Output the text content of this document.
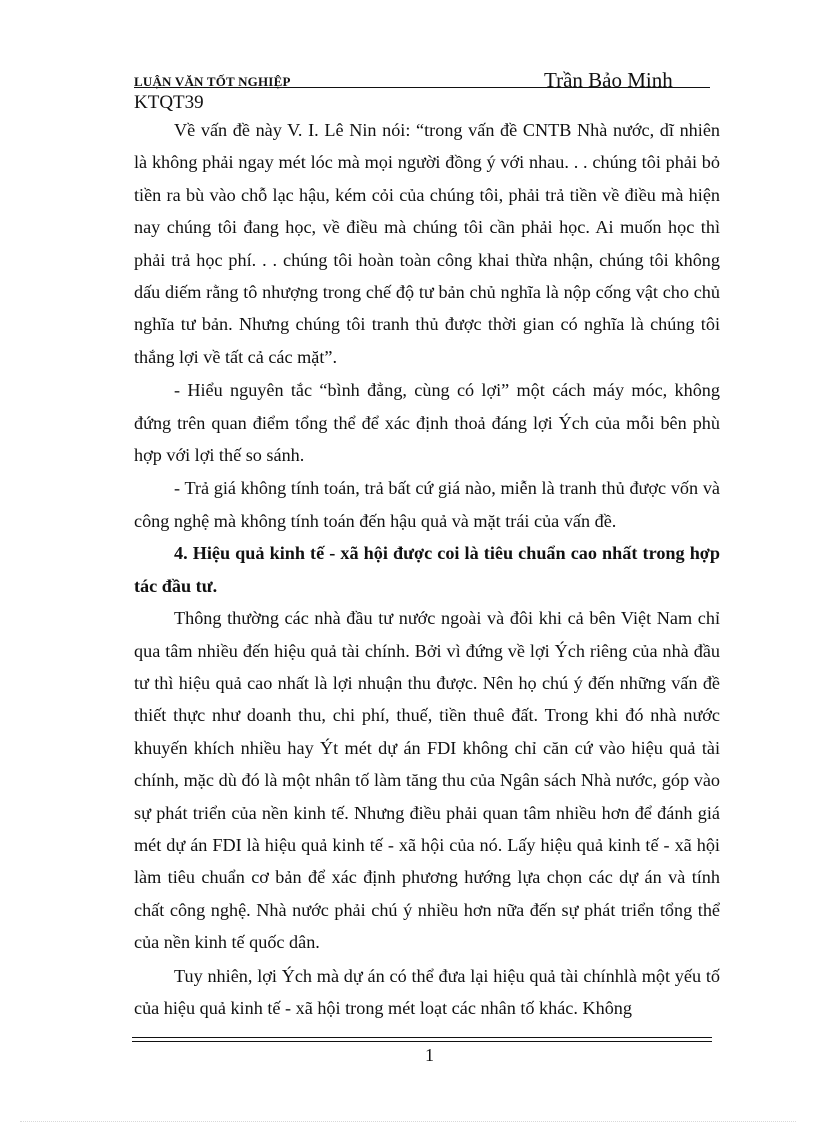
LUẬN VĂN TỐT NGHIỆP	Trần Bảo Minh
KTQT39

Về vấn đề này V. I. Lê Nin nói: “trong vấn đề CNTB Nhà nước, dĩ nhiên là không phải ngay mét lóc mà mọi người đồng ý với nhau. . . chúng tôi phải bỏ tiền ra bù vào chỗ lạc hậu, kém cỏi của chúng tôi, phải trả tiền về điều mà hiện nay chúng tôi đang học, về điều mà chúng tôi cần phải học. Ai muốn học thì phải trả học phí. . . chúng tôi hoàn toàn công khai thừa nhận, chúng tôi không dấu diếm rằng tô nhượng trong chế độ tư bản chủ nghĩa là nộp cống vật cho chủ nghĩa tư bản. Nhưng chúng tôi tranh thủ được thời gian có nghĩa là chúng tôi thắng lợi về tất cả các mặt”.

- Hiểu nguyên tắc “bình đẳng, cùng có lợi” một cách máy móc, không đứng trên quan điểm tổng thể để xác định thoả đáng lợi Ých của mỗi bên phù hợp với lợi thế so sánh.

- Trả giá không tính toán, trả bất cứ giá nào, miễn là tranh thủ được vốn và công nghệ mà không tính toán đến hậu quả và mặt trái của vấn đề.

4. Hiệu quả kinh tế - xã hội được coi là tiêu chuẩn cao nhất trong hợp tác đầu tư.

Thông thường các nhà đầu tư nước ngoài và đôi khi cả bên Việt Nam chỉ qua tâm nhiều đến hiệu quả tài chính. Bởi vì đứng về lợi Ých riêng của nhà đầu tư thì hiệu quả cao nhất là lợi nhuận thu được. Nên họ chú ý đến những vấn đề thiết thực như doanh thu, chi phí, thuế, tiền thuê đất. Trong khi đó nhà nước khuyến khích nhiều hay Ýt mét dự án FDI không chỉ căn cứ vào hiệu quả tài chính, mặc dù đó là một nhân tố làm tăng thu của Ngân sách Nhà nước, góp vào sự phát triển của nền kinh tế. Nhưng điều phải quan tâm nhiều hơn để đánh giá mét dự án FDI là hiệu quả kinh tế - xã hội của nó. Lấy hiệu quả kinh tế - xã hội làm tiêu chuẩn cơ bản để xác định phương hướng lựa chọn các dự án và tính chất công nghệ. Nhà nước phải chú ý nhiều hơn nữa đến sự phát triển tổng thể của nền kinh tế quốc dân.

Tuy nhiên, lợi Ých mà dự án có thể đưa lại hiệu quả tài chínhlà một yếu tố của hiệu quả kinh tế - xã hội trong mét loạt các nhân tố khác. Không

1
